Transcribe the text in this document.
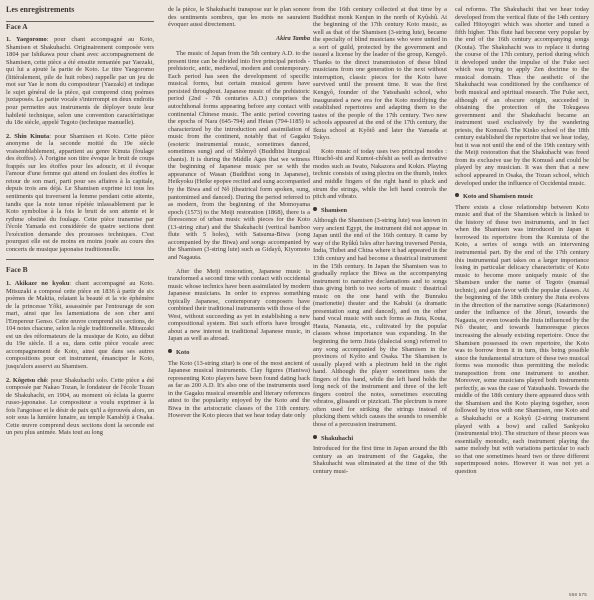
Les enregistrements
Face A

1. Yaegoromo: pour chant accompagné au Koto, Shamisen et Shakuhachi. Originairement composée vers 1804 par Ishikawa pour chant avec accompagnement de Shamisen, cette pièce a été ensuite remaniée par Yaezaki, qui lui a ajouté la partie de Koto. Le titre Yaegoromo (littéralement, pile de huit robes) rappelle par un jeu de mot sur Yae le nom du compositeur (Yaezaki) et indique le sujet général de la pièce, qui comprend cinq poèmes juxtaposés. La partie vocale s'interrompt en deux endroits pour permettre aux instruments de déployer toute leur habileté technique, selon une convention caractéristique du 18e siècle, appelé Tegoto (technique manuelle).

2. Shin Kinuta: pour Shamisen et Koto. Cette pièce anonyme de la seconde moitié du 19e siècle vraisemblablement, appartient au genre Kinuta (foulage des étoffes). À l'origine son titre évoque le bruit de coups frappés sur les étoffes pour les adoucir, et il évoque l'amour d'une femme qui attend en foulant des étoffes le retour de son mari, parti pour ses affaires à la capitale, depuis trois ans déjà. Le Shamisen exprime ici tous les sentiments qui traversent la femme pendant cette attente, tandis que la note tenue répétée inlassablement par le Koto symbolise à la fois le bruit de son attente et le rythme obstiné du foulage. Cette pièce transmise par l'école Yamada est considérée de quatre sections dont l'exécution demande des prouesses techniques. C'est pourquoi elle est de moins en moins jouée au cours des concerts de musique japonaise traditionnelle.

Face B

1. Akikaze no kyoku: chant accompagné au Koto. Mitsuzaki a composé cette pièce en 1836 à partir de six poèmes de Makita, relatant la beauté et la vie éphémère de la princesse Yôki, assassinée par l'entourage de son mari, ainsi que les lamentations de son cher ami l'Empereur Genso. Cette œuvre comprend six sections, de 104 notes chacune, selon la règle traditionnelle. Mitsuzaki est un des réformateurs de la musique de Koto, au début du 19e siècle. Il a su, dans cette pièce vocale avec accompagnement de Koto, ainsi que dans ses autres compositions pour cet instrument, émanciper le Koto, jusqu'alors asservi au Shamisen.

2. Kôgetsu chô: pour Shakuhachi solo. Cette pièce a été composée par Nakao Tozan, le fondateur de l'école Tozan de Shakuhachi, en 1904, au moment où éclata la guerre russo-japonaise. Le compositeur a voulu exprimer à la fois l'angoisse et le désir de paix qu'il a éprouvés alors, un soir sous la lumière lunaire, au temple Kanshôji à Osaka. Cette œuvre comprend deux sections dont la seconde est un peu plus animée. Mais tout au long

de la pièce, le Shakuhachi transpose sur le plan sonore des sentiments sombres, que les mots ne sauraient évoquer aussi directement.

Akira Tamba

The music of Japan from the 5th century A.D. to the present time can be divided into five principal periods - prehistoric, antic, medieval, modern and contemporary. Each period has seen the development of specific musical forms, but certain musical genres have persisted throughout. Japanese music of the prehistoric period (2nd - 7th centuries A.D.) comprises the autochthonal forms appearing before any contact with continental Chinese music. The antic period covering the epochs of Nara (645-794) and Heian (794-1185) is characterized by the introduction and assimilation of music from the continent, notably that of Gagaku (esoteric instrumental music, sometimes danced, sometimes sung) and of Shômyô (Buddhist liturgical chants). It is during the Middle Ages that we witness the beginning of Japanese music per se with the appearance of Wasan (Buddhist song in Japanese), Heikyoku (Heike epopee recited and sung accompanied by the Biwa and of Nô (theatrical form spoken, sung, pantomimed and danced). During the period referred to as modern, from the beginning of the Momoyama epoch (1573) to the Meiji restoration (1868), there is a florescence of urban music with pieces for the Koto (13-string zitar) and the Shakuhachi (vertical bamboo flute with 5 holes), with Satsuma-Biwa (song accompanied by the Biwa) and songs accompanied by the Shamisen (3-string lute) such as Gidayû, Kiyomoto and Nagauta.

After the Meiji restoration, Japanese music is transformed a second time with contact with occidental music whose technics have been assimilated by modern Japanese musicians. In order to express something typically Japanese, contemporary composers have combined their traditional instruments with those of the West, without succeeding as yet in establishing a new compositional system. But such efforts have brought about a new interest in traditional Japanese music, in Japan as well as abroad.

Koto

The Koto (13-string zitar) is one of the most ancient of Japanese musical instruments. Clay figures (Haniwa) representing Koto players have been found dating back as far as 200 A.D. It's also one of the instruments used in the Gagaku musical ensemble and literary references attest to the popularity enjoyed by the Koto and the Biwa in the aristocratic classes of the 11th century. However the Koto pieces that we hear today date only

from the 16th century collected at that time by a Buddhist monk Kenjun in the north of Kyûshû. At the beginning of the 17th century Koto music, as well as that of the Shamisen (3-string lute), became the specialty of blind musicians who were united in a sort of guild, protected by the government and issued a license by the leader of the group, Kengyô. Thanks to the direct transmission of these blind musicians from one generation to the next without interruption, classic pieces for the Koto have survived until the present time. It was the first Kengyô, founder of the Yatsuhashi school, who inaugurated a new era for the Koto modifying the established repertoires and adapting them to the tastes of the people of the 17th century. Two new schools appeared at the end of the 17th century, the Ikuta school at Kyôtô and later the Yamada at Tokyo.

Koto music of today uses two principal modes : Hirachô-shi and Kumoi-chôshi as well as derivative modes such as Iwato, Nakazora and Kokin. Playing technic consists of using plectra on the thumb, index and middle fingers of the right hand to pluck and strum the strings, while the left hand controls the pitch and vibrato.

Shamisen

Although the Shamisen (3-string lute) was known in very ancient Egypt, the instrument did not appear in Japan until the end of the 16th century. It came by way of the Ryûkû Isles after having traversed Persia, India, Thibet and China where it had appeared in the 13th century and had become a theatrical instrument in the 15th century. In Japan the Shamisen was to gradually replace the Biwa as the accompanying instrument to narrative declamations and to songs thus giving birth to two sorts of music : theatrical music on the one hand with the Bunraku (marionette) theater and the Kabuki (a dramatic presentation sung and danced), and on the other hand vocal music with such forms as Jiuta, Kouta, Hauta, Nanauta, etc., cultivated by the popular classes whose importance was expanding. In the beginning the term Jiuta (dialectal song) referred to any song accompanied by the Shamisen in the provinces of Kyôto and Osaka. The Shamisen is usually played with a plectrum held in the right hand. Although the player sometimes uses the fingers of this hand, while the left hand holds the long neck of the instrument and three of the left fingers control the notes, sometimes executing vibratos, glissandi or pizzicati. The plectrum is more often used for striking the strings instead of plucking them which causes the sounds to resemble those of a percussion instrument.

Shakuhachi

Introduced for the first time in Japan around the 8th century as an instrument of the Gagaku, the Shakuhachi was eliminated at the time of the 9th century musi-

cal reforms. The Shakuhachi that we hear today developed from the vertical flute of the 14th century called Hitoyogiri which was shorter and tuned a fifth higher. This flute had become very popular by the end of the 16th century accompanying songs (Kouta). The Shakuhachi was to replace it during the course of the 17th century, period during which it developed under the impulse of the Fuke sect which was trying to apply Zen doctrine to the musical domain. Thus the aesthetic of the Shakuhachi was conditioned by the confluence of both musical and spiritual research. The Fuke sect, although of an obscure origin, succeeded in obtaining the protection of the Tokugawa government and the Shakuhachi became an instrument used exclusively by the wandering priests, the Komusô. The Kinko school of the 18th century established the repertoire that we hear today, but it was not until the end of the 19th century with the Meiji restoration that the Shakuhachi was freed from its exclusive use by the Komusô and could be played by any musician. It was then that a new school appeared in Osaka, the Tozan school, which developed under the influence of Occidental music.

Koto and Shamisen music

There exists a close relationship between Koto music and that of the Shamisen which is linked to the history of these two instruments, and in fact when the Shamisen was introduced in Japan it borrowed its repertoire from the Kumiuta of the Koto, a series of songs with an intervening instrumental part. By the end of the 17th century this instrumental part takes on a larger importance losing in particular delicacy characteristic of Koto music to become more uniquely music of the Shamisen under the name of Tegoto (manual technic), and gain favor with the popular classes. At the beginning of the 18th century the Jiuta evolves in the direction of the narrative songs (Katarimono) under the influence of the Jôruri, towards the Nagauta, or even towards the Jiuta influenced by the Nô theater, and towards humoresque pieces increasing the already existing repertoire. Once the Shamisen possessed its own repertoire, the Koto was to borrow from it in turn, this being possible since the fundamental structure of these two musical forms was monodic thus permitting the melodic transposition from one instrument to another. Moreover, some musicians played both instruments perfectly, as was the case of Yatsuhashi. Towards the middle of the 18th century there appeared duos with the Shamisen and the Koto playing together, soon followed by trios with one Shamisen, one Koto and a Shakuhachi or a Kokyû (2-string instrument played with a bow) and called Sankyoku (instrumental trio). The structure of these pieces was essentially monodic, each instrument playing the same melody but with variations particular to each so that one sometimes heard two or three different superimposed notes. However it was not yet a question

558 575
